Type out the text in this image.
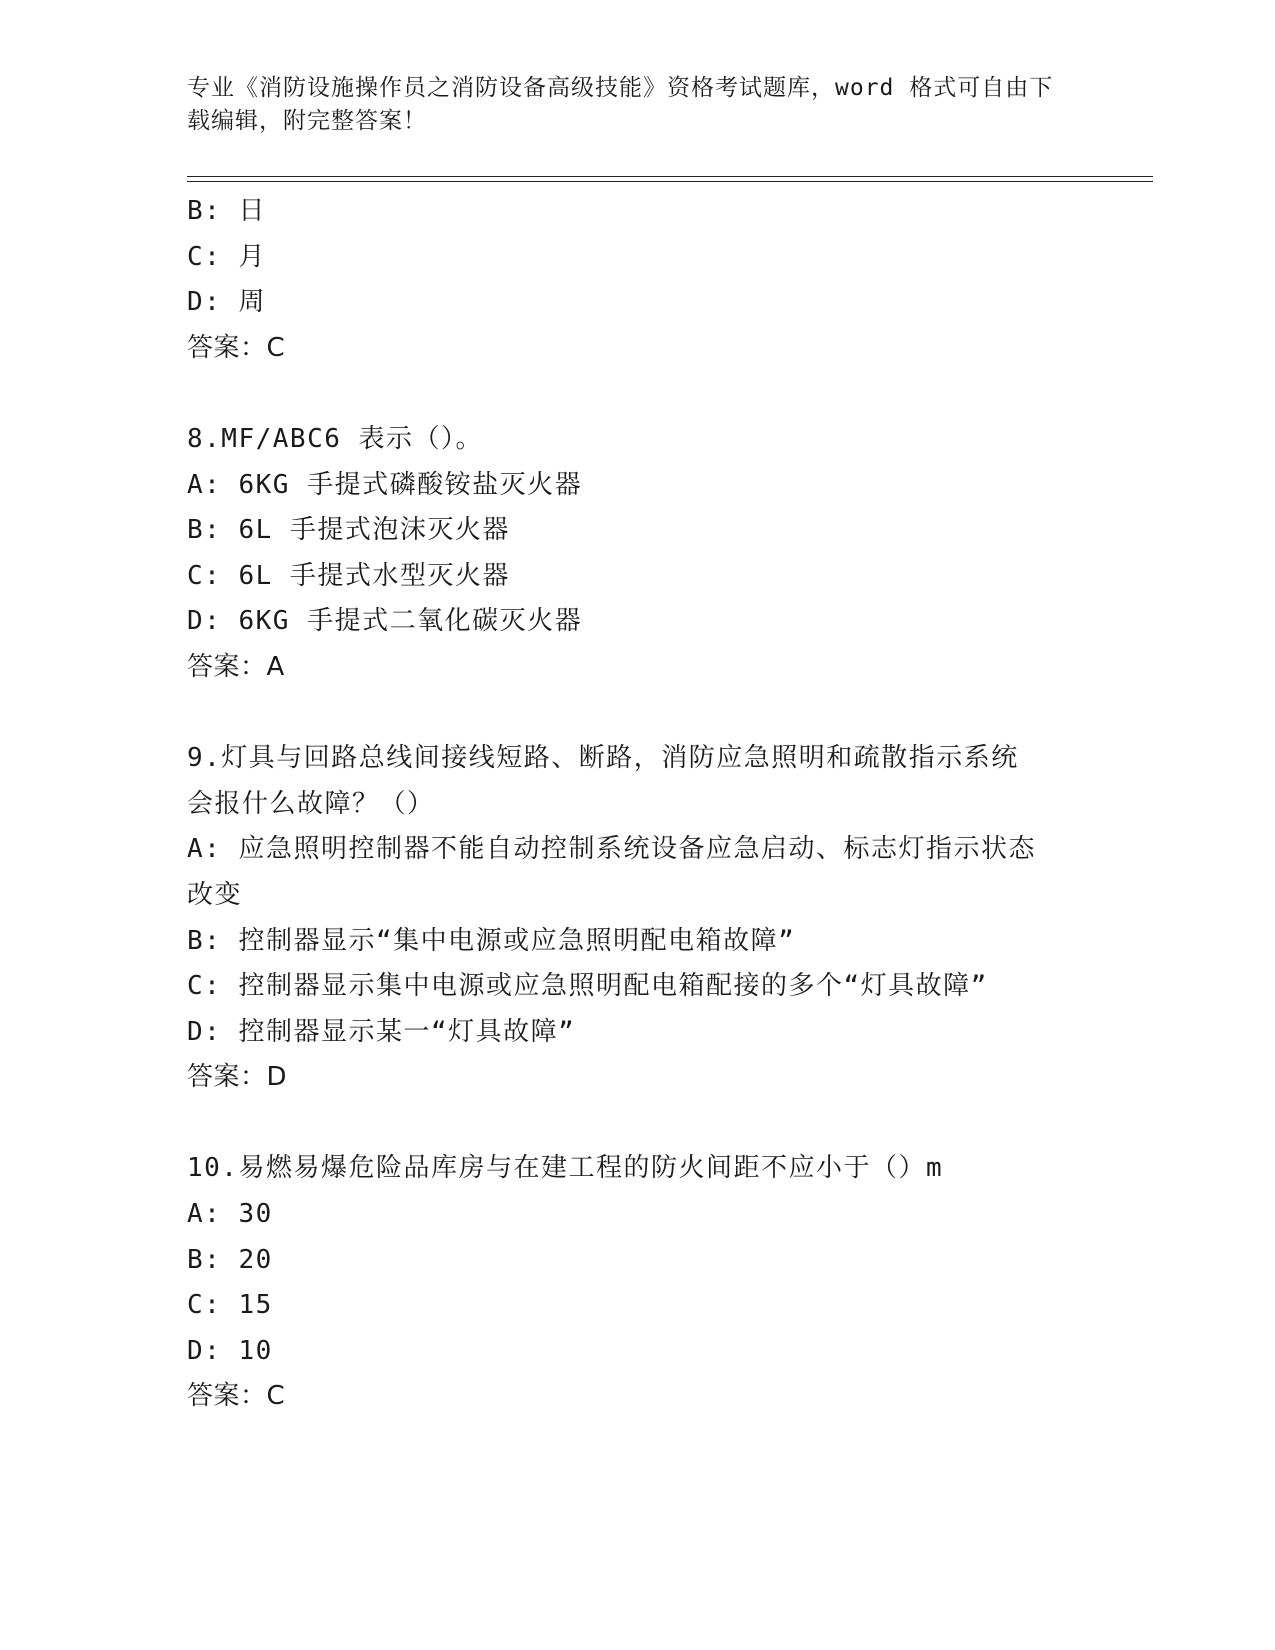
专业《消防设施操作员之消防设备高级技能》资格考试题库，word 格式可自由下
载编辑，附完整答案！
B: 日
C: 月
D: 周
答案：C
8.MF/ABC6 表示（）。
A: 6KG 手提式磷酸铵盐灭火器
B: 6L 手提式泡沫灭火器
C: 6L 手提式水型灭火器
D: 6KG 手提式二氧化碳灭火器
答案：A
9.灯具与回路总线间接线短路、断路，消防应急照明和疏散指示系统
会报什么故障？（）
A: 应急照明控制器不能自动控制系统设备应急启动、标志灯指示状态
改变
B: 控制器显示“集中电源或应急照明配电箱故障”
C: 控制器显示集中电源或应急照明配电箱配接的多个“灯具故障”
D: 控制器显示某一“灯具故障”
答案：D
10.易燃易爆危险品库房与在建工程的防火间距不应小于（）m
A: 30
B: 20
C: 15
D: 10
答案：C
